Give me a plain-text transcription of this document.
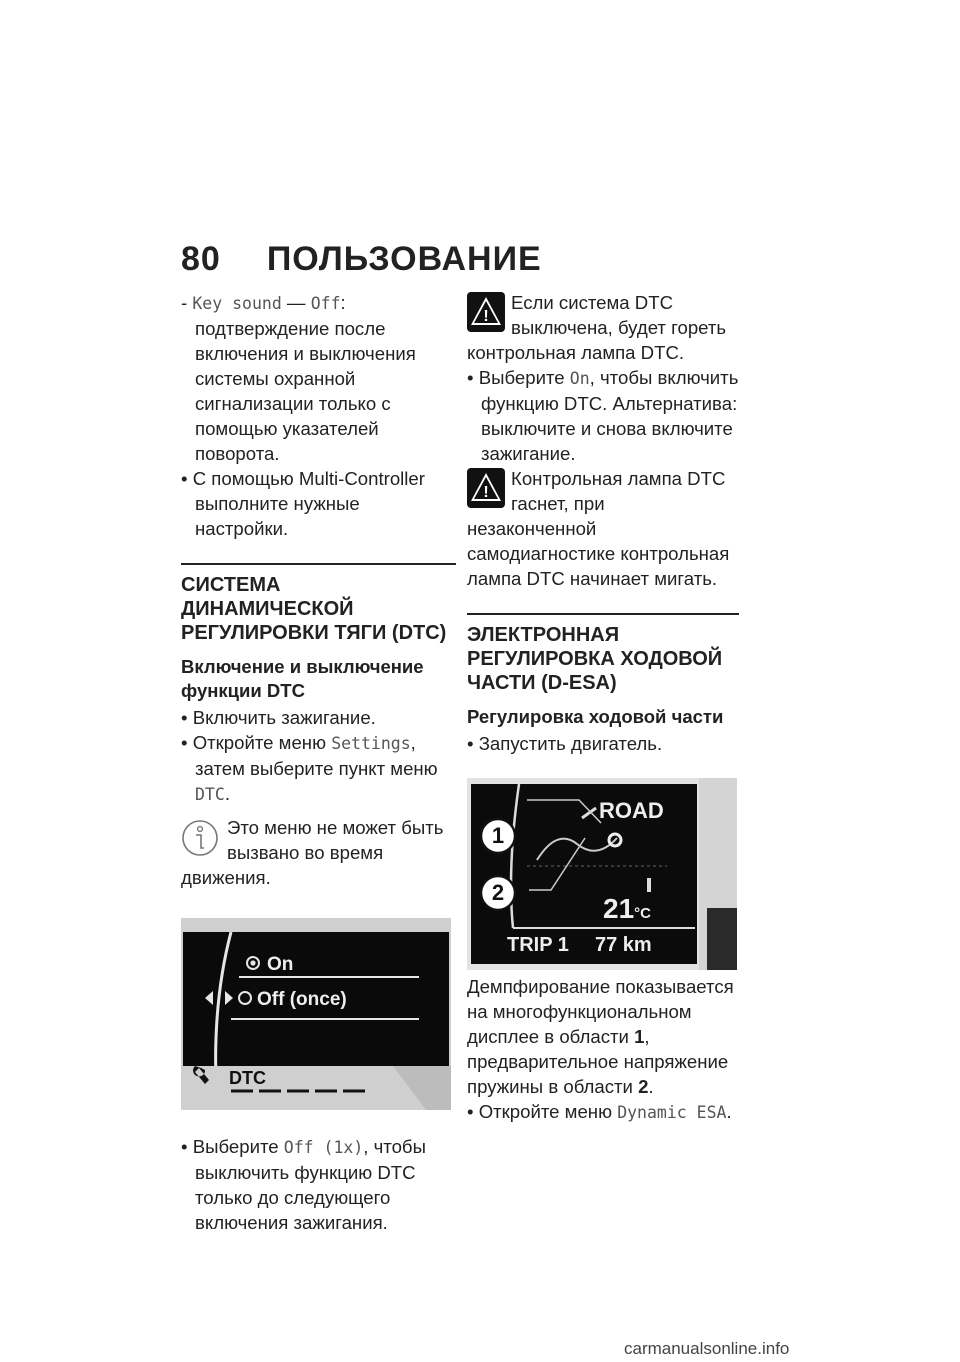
80 ПОЛЬЗОВАНИЕ

- Key sound — Off: подтверждение после включения и выключения системы охранной сигнализации только с помощью указателей поворота.

• С помощью Multi-Controller выполните нужные настройки.

СИСТЕМА ДИНАМИЧЕСКОЙ РЕГУЛИРОВКИ ТЯГИ (DTC)
Включение и выключение функции DTC

• Включить зажигание.

• Откройте меню Settings, затем выберите пункт меню DTC.

Это меню не может быть вызвано во время движения.

On
Off (once)
DTC

• Выберите Off (1x), чтобы выключить функцию DTC только до следующего включения зажигания.

!

Если система DTC выключена, будет гореть контрольная лампа DTC.

• Выберите On, чтобы включить функцию DTC. Альтернатива: выключите и снова включите зажигание.

!

Контрольная лампа DTC гаснет, при незаконченной самодиагностике контрольная лампа DTC начинает мигать.

ЭЛЕКТРОННАЯ РЕГУЛИРОВКА ХОДОВОЙ ЧАСТИ (D-ESA)
Регулировка ходовой части

• Запустить двигатель.

1
2
ROAD
21°C
TRIP 1 77 km

Демпфирование показывается на многофункциональном дисплее в области 1, предварительное напряжение пружины в области 2.

• Откройте меню Dynamic ESA.

carmanualsonline.info
